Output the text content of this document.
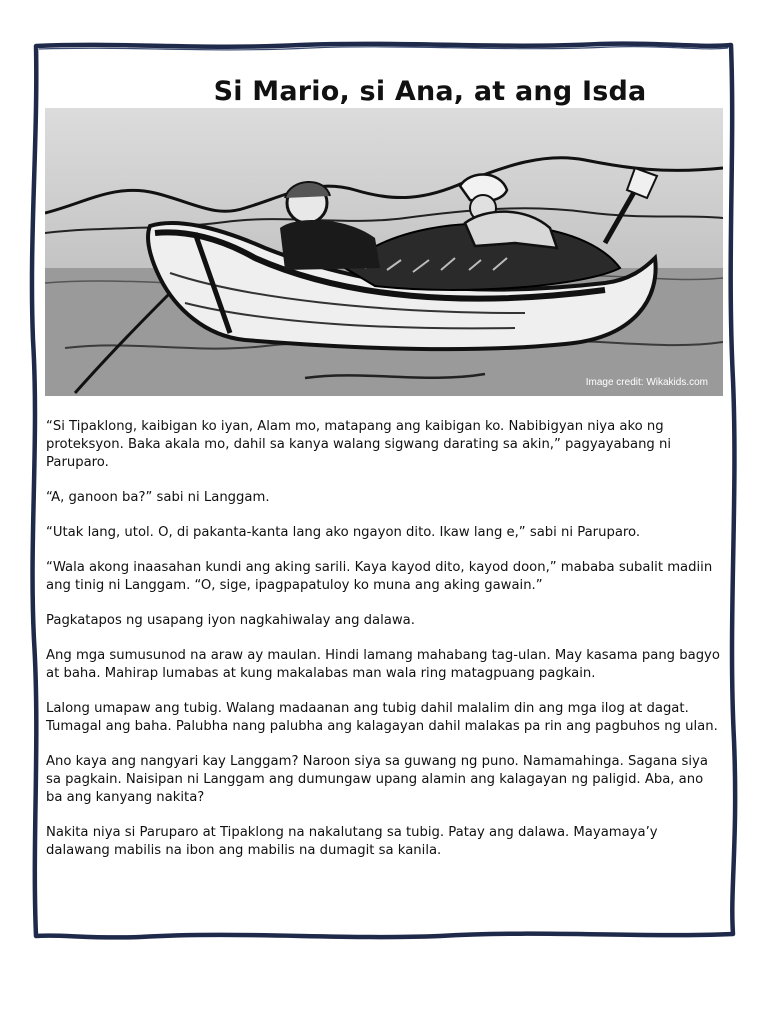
Si Mario, si Ana, at ang Isda
Image credit: Wikakids.com

“Si Tipaklong, kaibigan ko iyan, Alam mo, matapang ang kaibigan ko. Nabibigyan niya ako ng proteksyon. Baka akala mo, dahil sa kanya walang sigwang darating sa akin,” pagyayabang ni Paruparo.

“A, ganoon ba?” sabi ni Langgam.

“Utak lang, utol. O, di pakanta-kanta lang ako ngayon dito. Ikaw lang e,” sabi ni Paruparo.

“Wala akong inaasahan kundi ang aking sarili. Kaya kayod dito, kayod doon,” mababa subalit madiin ang tinig ni Langgam. “O, sige, ipagpapatuloy ko muna ang aking gawain.”

Pagkatapos ng usapang iyon nagkahiwalay ang dalawa.

Ang mga sumusunod na araw ay maulan. Hindi lamang mahabang tag-ulan. May kasama pang bagyo at baha. Mahirap lumabas at kung makalabas man wala ring matagpuang pagkain.

Lalong umapaw ang tubig. Walang madaanan ang tubig dahil malalim din ang mga ilog at dagat. Tumagal ang baha. Palubha nang palubha ang kalagayan dahil malakas pa rin ang pagbuhos ng ulan.

Ano kaya ang nangyari kay Langgam? Naroon siya sa guwang ng puno. Namamahinga. Sagana siya sa pagkain. Naisipan ni Langgam ang dumungaw upang alamin ang kalagayan ng paligid. Aba, ano ba ang kanyang nakita?

Nakita niya si Paruparo at Tipaklong na nakalutang sa tubig. Patay ang dalawa. Mayamaya’y dalawang mabilis na ibon ang mabilis na dumagit sa kanila.
